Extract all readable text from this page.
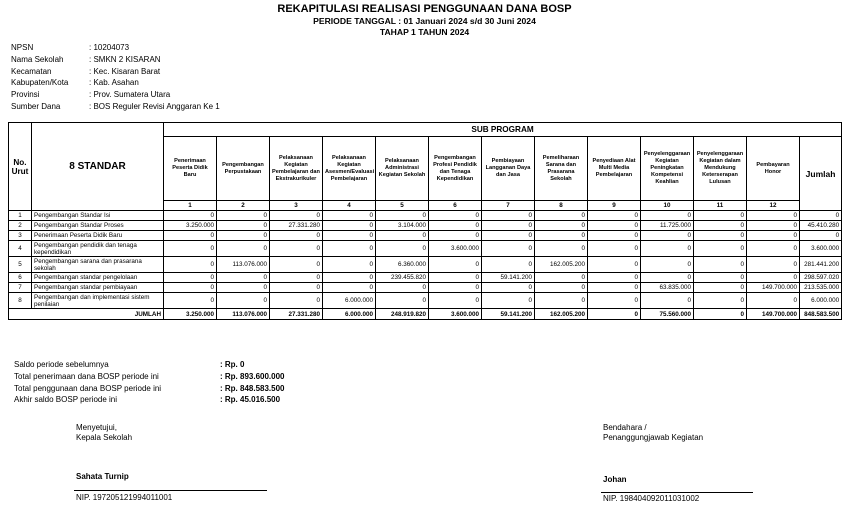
REKAPITULASI REALISASI PENGGUNAAN DANA BOSP
PERIODE TANGGAL : 01 Januari 2024 s/d 30 Juni 2024
TAHAP 1 TAHUN 2024
NPSN	: 10204073
Nama Sekolah	: SMKN 2 KISARAN
Kecamatan	: Kec. Kisaran Barat
Kabupaten/Kota	: Kab. Asahan
Provinsi	: Prov. Sumatera Utara
Sumber Dana	: BOS Reguler Revisi Anggaran Ke 1
No. Urut	8 STANDAR	SUB PROGRAM												
		Penerimaan Peserta Didik Baru	Pengembangan Perpustakaan	Pelaksanaan Kegiatan Pembelajaran dan Ekstrakurikuler	Pelaksanaan Kegiatan Asesmen/Evaluasi Pembelajaran	Pelaksanaan Administrasi Kegiatan Sekolah	Pengembangan Profesi Pendidik dan Tenaga Kependidikan	Pembiayaan Langganan Daya dan Jasa	Pemeliharaan Sarana dan Prasarana Sekolah	Penyediaan Alat Multi Media Pembelajaran	Penyelenggaraan Kegiatan Peningkatan Kompetensi Keahlian	Penyelenggaraan Kegiatan dalam Mendukung Keterserapan Lulusan	Pembayaran Honor	Jumlah
		1	2	3	4	5	6	7	8	9	10	11	12	
1	Pengembangan Standar Isi	0	0	0	0	0	0	0	0	0	0	0	0	0
2	Pengembangan Standar Proses	3.250.000	0	27.331.280	0	3.104.000	0	0	0	0	11.725.000	0	0	45.410.280
3	Penerimaan Peserta Didik Baru	0	0	0	0	0	0	0	0	0	0	0	0	0
4	Pengembangan pendidik dan tenaga kependidikan	0	0	0	0	0	3.600.000	0	0	0	0	0	0	3.600.000
5	Pengembangan sarana dan prasarana sekolah	0	113.076.000	0	0	6.360.000	0	0	162.005.200	0	0	0	0	281.441.200
6	Pengembangan standar pengelolaan	0	0	0	0	239.455.820	0	59.141.200	0	0	0	0	0	298.597.020
7	Pengembangan standar pembiayaan	0	0	0	0	0	0	0	0	0	63.835.000	0	149.700.000	213.535.000
8	Pengembangan dan implementasi sistem penilaian	0	0	0	6.000.000	0	0	0	0	0	0	0	0	6.000.000
JUMLAH		3.250.000	113.076.000	27.331.280	6.000.000	248.919.820	3.600.000	59.141.200	162.005.200	0	75.560.000	0	149.700.000	848.583.500
Saldo periode sebelumnya	: Rp. 0
Total penerimaan dana BOSP periode ini	: Rp. 893.600.000
Total penggunaan dana BOSP periode ini	: Rp. 848.583.500
Akhir saldo BOSP periode ini	: Rp. 45.016.500
Menyetujui,
Kepala Sekolah
Sahata Turnip
NIP. 197205121994011001
Bendahara /
Penanggungjawab Kegiatan
Johan
NIP. 198404092011031002
